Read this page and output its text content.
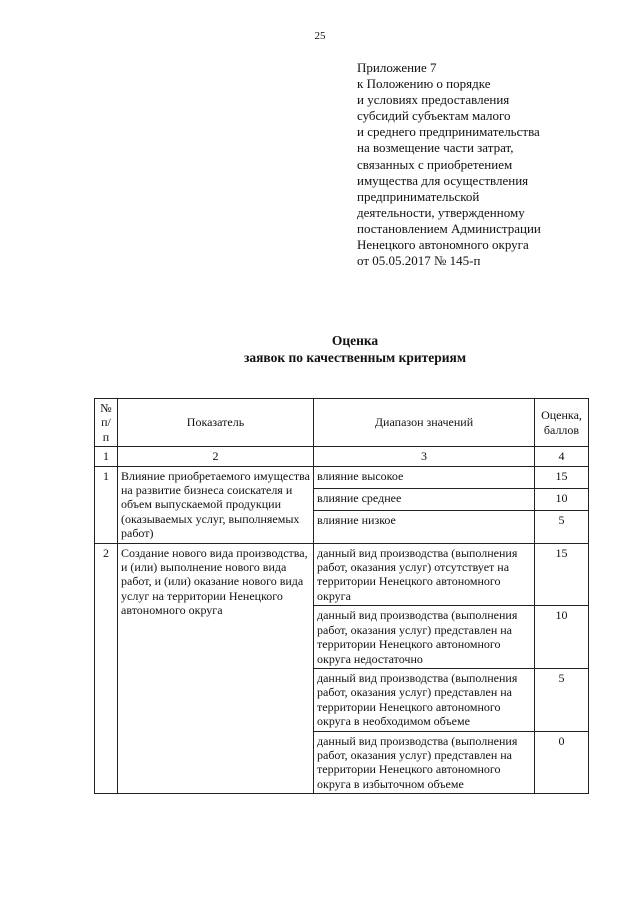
25
Приложение 7
к Положению о порядке
и условиях предоставления
субсидий субъектам малого
и среднего предпринимательства
на возмещение части затрат,
связанных с приобретением
имущества для осуществления
предпринимательской
деятельности, утвержденному
постановлением Администрации
Ненецкого автономного округа
от 05.05.2017 № 145-п
Оценка
заявок по качественным критериям
№ п/п	Показатель	Диапазон значений	Оценка, баллов
1	2	3	4
1	Влияние приобретаемого имущества на развитие бизнеса соискателя и объем выпускаемой продукции (оказываемых услуг, выполняемых работ)	влияние высокое	15
		влияние среднее	10
		влияние низкое	5
2	Создание нового вида производства, и (или) выполнение нового вида работ, и (или) оказание нового вида услуг на территории Ненецкого автономного округа	данный вид производства (выполнения работ, оказания услуг) отсутствует на территории Ненецкого автономного округа	15
		данный вид производства (выполнения работ, оказания услуг) представлен на территории Ненецкого автономного округа недостаточно	10
		данный вид производства (выполнения работ, оказания услуг) представлен на территории Ненецкого автономного округа в необходимом объеме	5
		данный вид производства (выполнения работ, оказания услуг) представлен на территории Ненецкого автономного округа в избыточном объеме	0
